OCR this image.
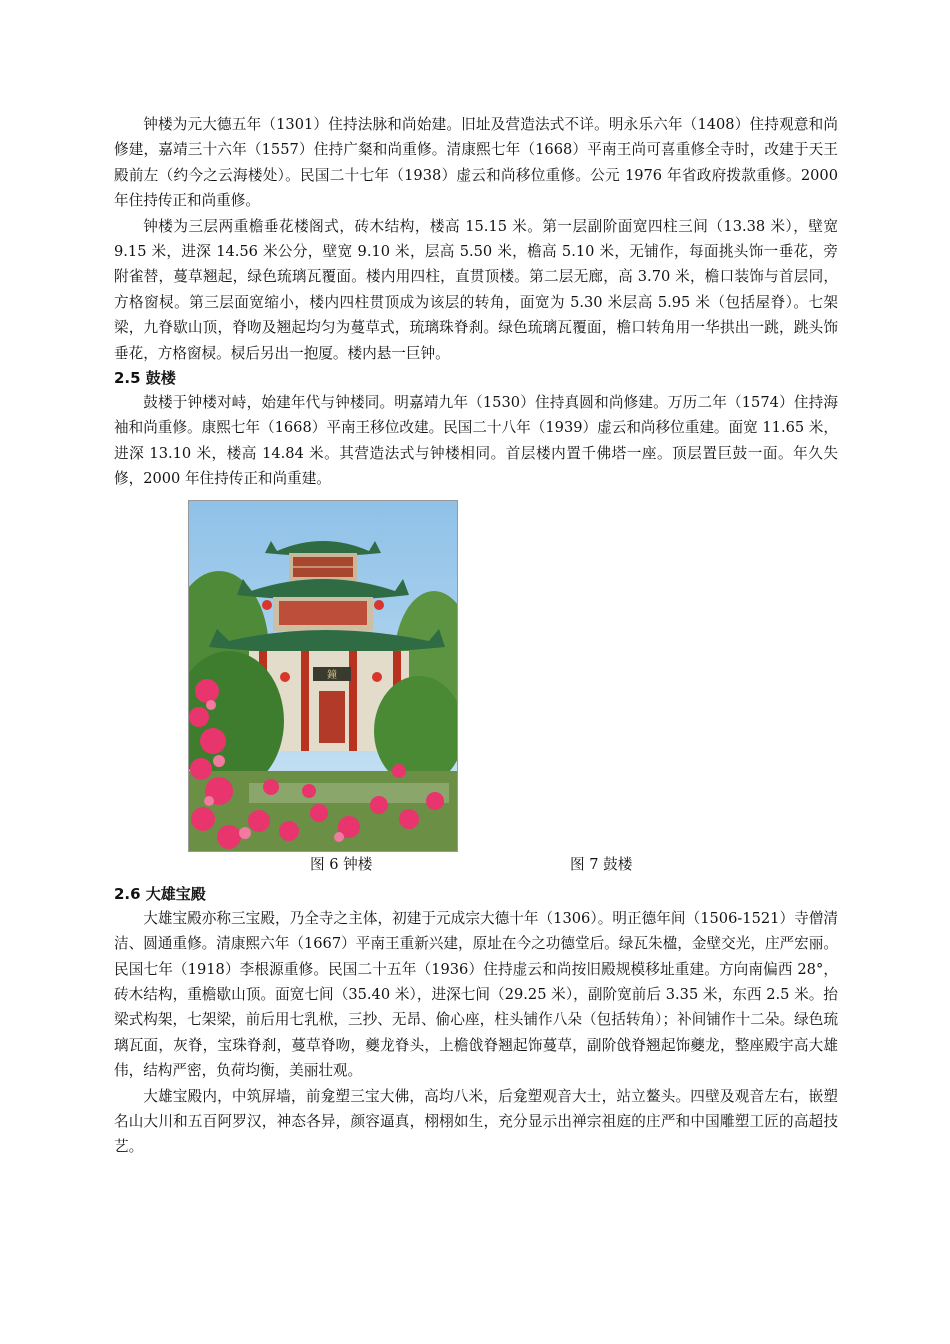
钟楼为元大德五年（1301）住持法脉和尚始建。旧址及营造法式不详。明永乐六年（1408）住持观意和尚修建，嘉靖三十六年（1557）住持广粲和尚重修。清康熙七年（1668）平南王尚可喜重修全寺时，改建于天王殿前左（约今之云海楼处）。民国二十七年（1938）虚云和尚移位重修。公元 1976 年省政府拨款重修。2000 年住持传正和尚重修。

钟楼为三层两重檐垂花楼阁式，砖木结构，楼高 15.15 米。第一层副阶面宽四柱三间（13.38 米），壁宽 9.15 米，进深 14.56 米公分，壁宽 9.10 米，层高 5.50 米，檐高 5.10 米，无铺作，每面挑头饰一垂花，旁附雀替，蔓草翘起，绿色琉璃瓦覆面。楼内用四柱，直贯顶楼。第二层无廊，高 3.70 米，檐口装饰与首层同，方格窗棂。第三层面宽缩小，楼内四柱贯顶成为该层的转角，面宽为 5.30 米层高 5.95 米（包括屋脊）。七架梁，九脊歇山顶，脊吻及翘起均匀为蔓草式，琉璃珠脊刹。绿色琉璃瓦覆面，檐口转角用一华拱出一跳，跳头饰垂花，方格窗棂。棂后另出一抱厦。楼内悬一巨钟。

2.5 鼓楼

鼓楼于钟楼对峙，始建年代与钟楼同。明嘉靖九年（1530）住持真圆和尚修建。万历二年（1574）住持海袖和尚重修。康熙七年（1668）平南王移位改建。民国二十八年（1939）虚云和尚移位重建。面宽 11.65 米，进深 13.10 米，楼高 14.84 米。其营造法式与钟楼相同。首层楼内置千佛塔一座。顶层置巨鼓一面。年久失修，2000 年住持传正和尚重建。

鐘
图 6 钟楼	图 7 鼓楼
2.6 大雄宝殿

大雄宝殿亦称三宝殿，乃全寺之主体，初建于元成宗大德十年（1306）。明正德年间（1506-1521）寺僧清洁、圆通重修。清康熙六年（1667）平南王重新兴建，原址在今之功德堂后。绿瓦朱楹，金壁交光，庄严宏丽。民国七年（1918）李根源重修。民国二十五年（1936）住持虚云和尚按旧殿规模移址重建。方向南偏西 28°，砖木结构，重檐歇山顶。面宽七间（35.40 米），进深七间（29.25 米），副阶宽前后 3.35 米，东西 2.5 米。抬梁式构架，七架梁，前后用七乳栿，三抄、无昂、偷心座，柱头铺作八朵（包括转角）；补间铺作十二朵。绿色琉璃瓦面，灰脊，宝珠脊刹，蔓草脊吻，夔龙脊头，上檐戗脊翘起饰蔓草，副阶戗脊翘起饰夔龙，整座殿宇高大雄伟，结构严密，负荷均衡，美丽壮观。

大雄宝殿内，中筑屏墙，前龛塑三宝大佛，高均八米，后龛塑观音大士，站立鳌头。四壁及观音左右，嵌塑名山大川和五百阿罗汉，神态各异，颜容逼真，栩栩如生，充分显示出禅宗祖庭的庄严和中国雕塑工匠的高超技艺。
